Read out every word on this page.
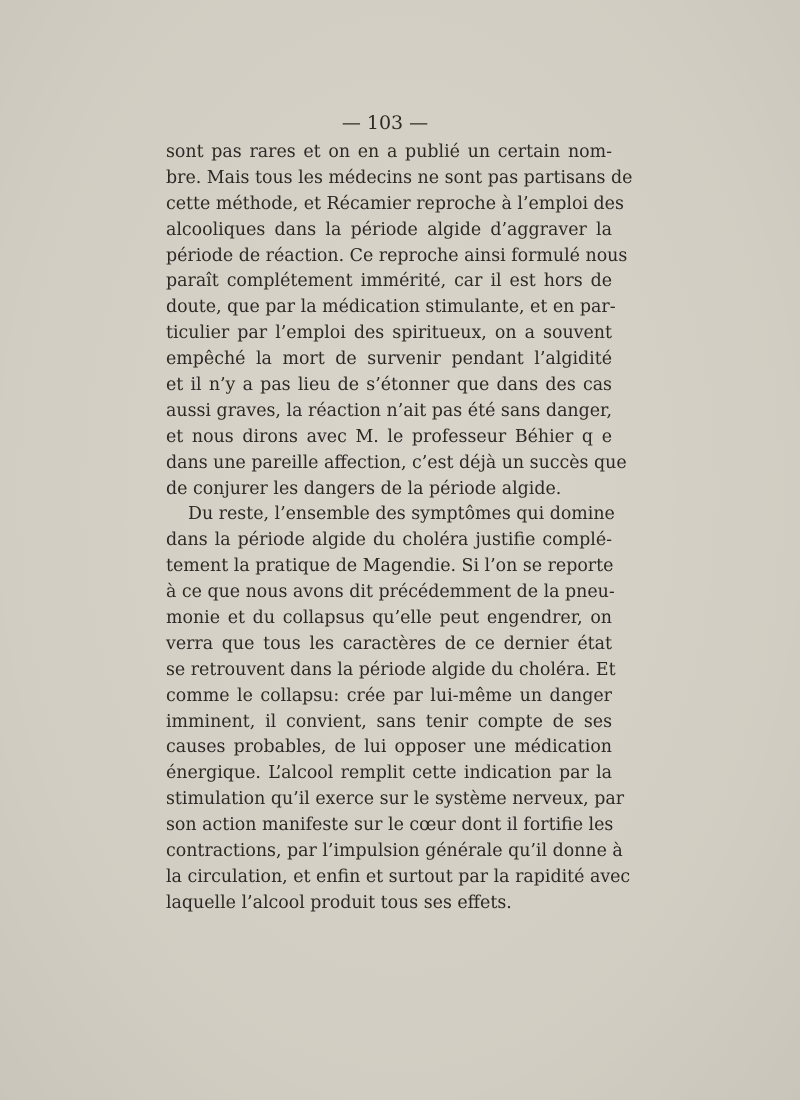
— 103 —

sont pas rares et on en a publié un certain nom-
bre. Mais tous les médecins ne sont pas partisans de
cette méthode, et Récamier reproche à l’emploi des
alcooliques dans la période algide d’aggraver la
période de réaction. Ce reproche ainsi formulé nous
paraît complétement immérité, car il est hors de
doute, que par la médication stimulante, et en par-
ticulier par l’emploi des spiritueux, on a souvent
empêché la mort de survenir pendant l’algidité
et il n’y a pas lieu de s’étonner que dans des cas
aussi graves, la réaction n’ait pas été sans danger,
et nous dirons avec M. le professeur Béhier q e
dans une pareille affection, c’est déjà un succès que
de conjurer les dangers de la période algide.
Du reste, l’ensemble des symptômes qui domine
dans la période algide du choléra justifie complé-
tement la pratique de Magendie. Si l’on se reporte
à ce que nous avons dit précédemment de la pneu-
monie et du collapsus qu’elle peut engendrer, on
verra que tous les caractères de ce dernier état
se retrouvent dans la période algide du choléra. Et
comme le collapsu: crée par lui-même un danger
imminent, il convient, sans tenir compte de ses
causes probables, de lui opposer une médication
énergique. L’alcool remplit cette indication par la
stimulation qu’il exerce sur le système nerveux, par
son action manifeste sur le cœur dont il fortifie les
contractions, par l’impulsion générale qu’il donne à
la circulation, et enfin et surtout par la rapidité avec
laquelle l’alcool produit tous ses effets.
